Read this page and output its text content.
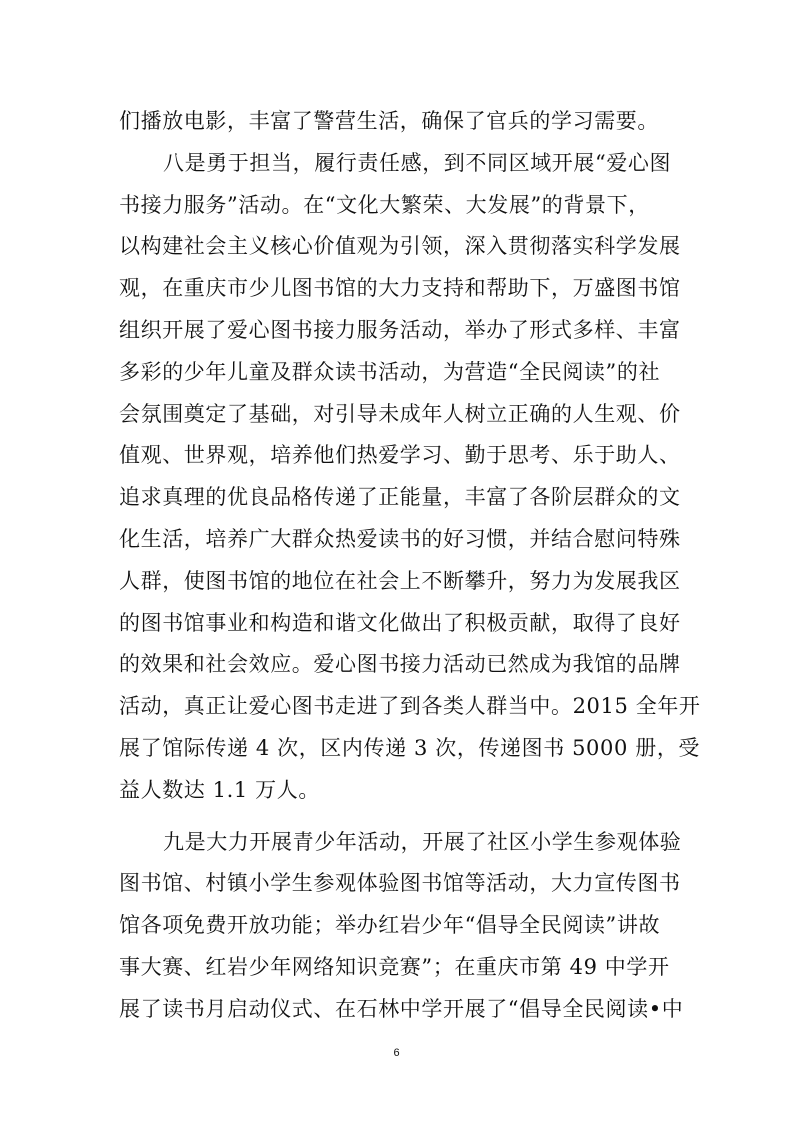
们播放电影，丰富了警营生活，确保了官兵的学习需要。
八是勇于担当，履行责任感，到不同区域开展“爱心图
书接力服务”活动。在“文化大繁荣、大发展”的背景下，
以构建社会主义核心价值观为引领，深入贯彻落实科学发展
观，在重庆市少儿图书馆的大力支持和帮助下，万盛图书馆
组织开展了爱心图书接力服务活动，举办了形式多样、丰富
多彩的少年儿童及群众读书活动，为营造“全民阅读”的社
会氛围奠定了基础，对引导未成年人树立正确的人生观、价
值观、世界观，培养他们热爱学习、勤于思考、乐于助人、
追求真理的优良品格传递了正能量，丰富了各阶层群众的文
化生活，培养广大群众热爱读书的好习惯，并结合慰问特殊
人群，使图书馆的地位在社会上不断攀升，努力为发展我区
的图书馆事业和构造和谐文化做出了积极贡献，取得了良好
的效果和社会效应。爱心图书接力活动已然成为我馆的品牌
活动，真正让爱心图书走进了到各类人群当中。2015 全年开
展了馆际传递 4 次，区内传递 3 次，传递图书 5000 册，受
益人数达 1.1 万人。
九是大力开展青少年活动，开展了社区小学生参观体验
图书馆、村镇小学生参观体验图书馆等活动，大力宣传图书
馆各项免费开放功能；举办红岩少年“倡导全民阅读”讲故
事大赛、红岩少年网络知识竞赛”；在重庆市第 49 中学开
展了读书月启动仪式、在石林中学开展了“倡导全民阅读•中
6
